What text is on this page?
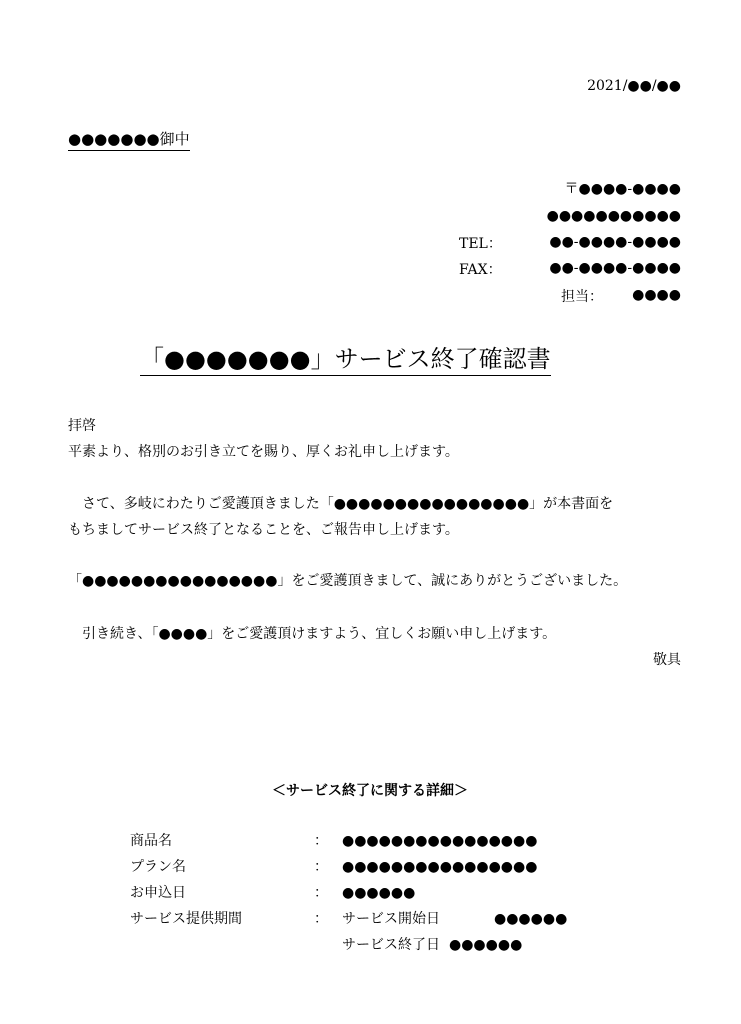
2021/●●/●●
●●●●●●●御中
〒●●●●-●●●●
●●●●●●●●●●●
TEL：	●●-●●●●-●●●●
FAX：	●●-●●●●-●●●●
担当： ●●●●
「●●●●●●●」サービス終了確認書
拝啓
平素より、格別のお引き立てを賜り、厚くお礼申し上げます。
　さて、多岐にわたりご愛護頂きました「●●●●●●●●●●●●●●●●」が本書面を
もちましてサービス終了となることを、ご報告申し上げます。
「●●●●●●●●●●●●●●●●」をご愛護頂きまして、誠にありがとうございました。
　引き続き、「●●●●」をご愛護頂けますよう、宜しくお願い申し上げます。
敬具
＜サービス終了に関する詳細＞
商品名	： ●●●●●●●●●●●●●●●●
プラン名	： ●●●●●●●●●●●●●●●●
お申込日	： ●●●●●●
サービス提供期間	： サービス開始日	●●●●●●
サービス終了日 ●●●●●●
